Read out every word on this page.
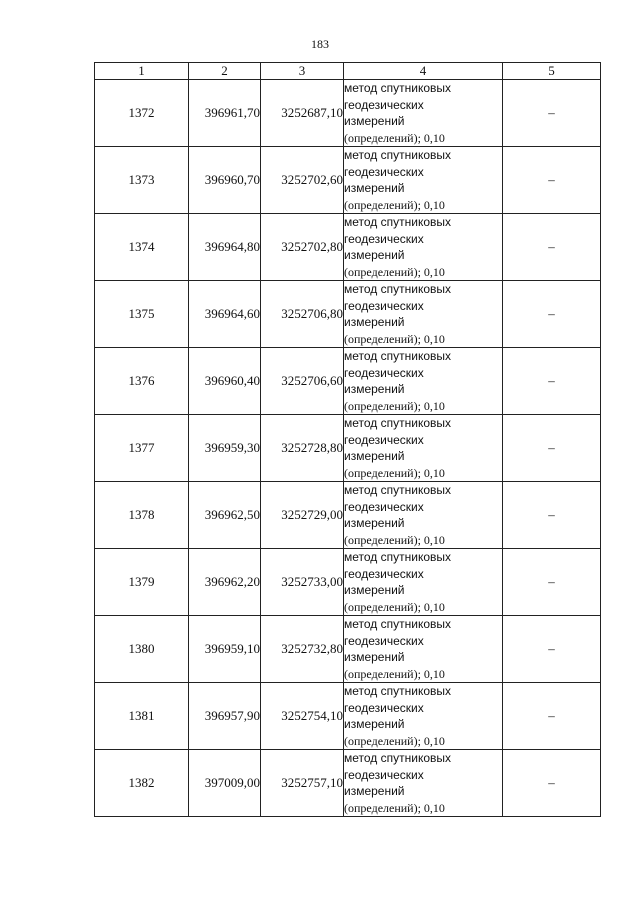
183
1	2	3	4	5
1372	396961,70	3252687,10	метод спутниковых
геодезических
измерений
(определений); 0,10	–
1373	396960,70	3252702,60	метод спутниковых
геодезических
измерений
(определений); 0,10	–
1374	396964,80	3252702,80	метод спутниковых
геодезических
измерений
(определений); 0,10	–
1375	396964,60	3252706,80	метод спутниковых
геодезических
измерений
(определений); 0,10	–
1376	396960,40	3252706,60	метод спутниковых
геодезических
измерений
(определений); 0,10	–
1377	396959,30	3252728,80	метод спутниковых
геодезических
измерений
(определений); 0,10	–
1378	396962,50	3252729,00	метод спутниковых
геодезических
измерений
(определений); 0,10	–
1379	396962,20	3252733,00	метод спутниковых
геодезических
измерений
(определений); 0,10	–
1380	396959,10	3252732,80	метод спутниковых
геодезических
измерений
(определений); 0,10	–
1381	396957,90	3252754,10	метод спутниковых
геодезических
измерений
(определений); 0,10	–
1382	397009,00	3252757,10	метод спутниковых
геодезических
измерений
(определений); 0,10	–
